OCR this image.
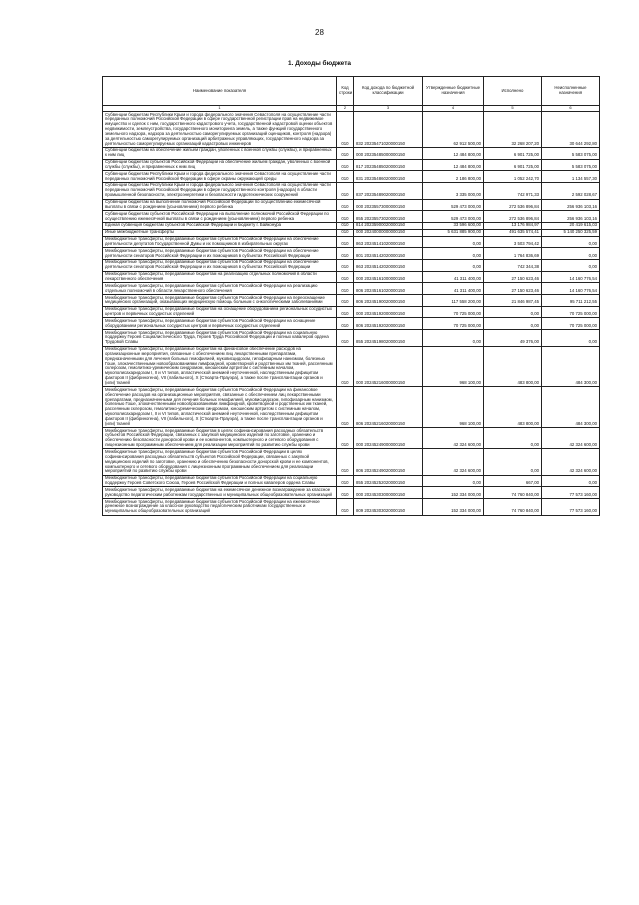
28
1. Доходы бюджета
Наименование показателя	Код строки	Код дохода по бюджетной классификации	Утвержденные бюджетные назначения	Исполнено	Неисполненные назначения
1	2	3	4	5	6
Субвенции бюджетам Республики Крым и города федерального значения Севастополя на осуществление части переданных полномочий Российской Федерации в сфере государственной регистрации прав на недвижимое имущество и сделок с ним, государственного кадастрового учета, государственной кадастровой оценки объектов недвижимости, землеустройства, государственного мониторинга земель, а также функций государственного земельного надзора, надзора за деятельностью саморегулируемых организаций оценщиков, контроля (надзора) за деятельностью саморегулируемых организаций арбитражных управляющих, государственного надзора за деятельностью саморегулируемых организаций кадастровых инженеров	010	832 20235471020000150	62 912 500,00	32 268 207,20	30 644 292,80
Субвенции бюджетам на обеспечение жильем граждан, уволенных с военной службы (службы), и приравненных к ним лиц	010	000 20235485000000150	12 484 800,00	6 901 725,00	5 583 075,00
Субвенции бюджетам субъектов Российской Федерации на обеспечение жильем граждан, уволенных с военной службы (службы), и приравненных к ним лиц	010	817 20235485020000150	12 484 800,00	6 901 725,00	5 583 075,00
Субвенции бюджетам Республики Крым и города федерального значения Севастополя на осуществление части переданных полномочий Российской Федерации в сфере охраны окружающей среды	010	831 20235486020000150	2 186 800,00	1 052 242,70	1 134 557,30
Субвенции бюджетам Республики Крым и города федерального значения Севастополя на осуществление части переданных полномочий Российской Федерации в сфере государственного контроля (надзора) в области промышленной безопасности, электроэнергетики и безопасности гидротехнических сооружений	010	837 20235489020000150	3 335 000,00	742 971,33	2 592 028,67
Субвенции бюджетам на выполнение полномочий Российской Федерации по осуществлению ежемесячной выплаты в связи с рождением (усыновлением) первого ребенка	010	000 20235573000000150	529 473 000,00	272 536 896,84	256 936 103,16
Субвенции бюджетам субъектов Российской Федерации на выполнение полномочий Российской Федерации по осуществлению ежемесячной выплаты в связи с рождением (усыновлением) первого ребенка	010	855 20235573020000150	529 473 000,00	272 536 896,84	256 936 103,16
Единая субвенция бюджетам субъектов Российской Федерации и бюджету г. Байконура	010	814 20235900020000150	33 596 600,00	13 176 984,97	20 419 615,03
Иные межбюджетные трансферты	010	000 20240000000000150	5 631 885 900,00	491 635 574,41	5 140 250 325,59
Межбюджетные трансферты, передаваемые бюджетам субъектов Российской Федерации на обеспечение деятельности депутатов Государственной Думы и их помощников в избирательных округах	010	863 20245141020000150	0,00	3 503 794,42	0,00
Межбюджетные трансферты, передаваемые бюджетам субъектов Российской Федерации на обеспечение деятельности сенаторов Российской Федерации и их помощников в субъектах Российской Федерации	010	801 20245142020000150	0,00	1 764 836,69	0,00
Межбюджетные трансферты, передаваемые бюджетам субъектов Российской Федерации на обеспечение деятельности сенаторов Российской Федерации и их помощников в субъектах Российской Федерации	010	863 20245142020000150	0,00	742 344,38	0,00
Межбюджетные трансферты, передаваемые бюджетам на реализацию отдельных полномочий в области лекарственного обеспечения	010	000 20245161000000150	41 311 400,00	27 150 623,46	14 160 776,54
Межбюджетные трансферты, передаваемые бюджетам субъектов Российской Федерации на реализацию отдельных полномочий в области лекарственного обеспечения	010	806 20245161020000150	41 311 400,00	27 150 623,46	14 160 776,54
Межбюджетные трансферты, передаваемые бюджетам субъектов Российской Федерации на переоснащение медицинских организаций, оказывающих медицинскую помощь больным с онкологическими заболеваниями	010	806 20245190020000150	117 558 200,00	21 846 987,45	95 711 212,55
Межбюджетные трансферты, передаваемые бюджетам на оснащение оборудованием региональных сосудистых центров и первичных сосудистых отделений	010	000 20245192000000150	70 725 000,00	0,00	70 725 000,00
Межбюджетные трансферты, передаваемые бюджетам субъектов Российской Федерации на оснащение оборудованием региональных сосудистых центров и первичных сосудистых отделений	010	806 20245192020000150	70 725 000,00	0,00	70 725 000,00
Межбюджетные трансферты, передаваемые бюджетам субъектов Российской Федерации на социальную поддержку Героев Социалистического Труда, Героев Труда Российской Федерации и полных кавалеров ордена Трудовой Славы	010	855 20245198020000150	0,00	49 376,00	0,00
Межбюджетные трансферты, передаваемые бюджетам на финансовое обеспечение расходов на организационные мероприятия, связанные с обеспечением лиц лекарственными препаратами, предназначенными для лечения больных гемофилией, муковисцидозом, гипофизарным нанизмом, болезнью Гоше, злокачественными новообразованиями лимфоидной, кроветворной и родственных им тканей, рассеянным склерозом, гемолитико-уремическим синдромом, юношеским артритом с системным началом, мукополисахаридозом I, II и VI типов, апластической анемией неуточненной, наследственным дефицитом факторов II (фибриногена), VII (лабильного), X (Стюарта-Прауэра), а также после трансплантации органов и (или) тканей	010	000 20245216000000150	968 100,00	483 800,00	484 300,00
Межбюджетные трансферты, передаваемые бюджетам субъектов Российской Федерации на финансовое обеспечение расходов на организационные мероприятия, связанные с обеспечением лиц лекарственными препаратами, предназначенными для лечения больных гемофилией, муковисцидозом, гипофизарным нанизмом, болезнью Гоше, злокачественными новообразованиями лимфоидной, кроветворной и родственных им тканей, рассеянным склерозом, гемолитико-уремическим синдромом, юношеским артритом с системным началом, мукополисахаридозом I, II и VI типов, апластической анемией неуточненной, наследственным дефицитом факторов II (фибриногена), VII (лабильного), X (Стюарта-Прауэра), а также после трансплантации органов и (или) тканей	010	806 20245216020000150	968 100,00	483 800,00	484 300,00
Межбюджетные трансферты, передаваемые бюджетам в целях софинансирования расходных обязательств субъектов Российской Федерации, связанных с закупкой медицинских изделий по заготовке, хранению и обеспечению безопасности донорской крови и ее компонентов, компьютерного и сетевого оборудования с лицензионным программным обеспечением для реализации мероприятий по развитию службы крови	010	000 20245249000000150	42 324 600,00	0,00	42 324 600,00
Межбюджетные трансферты, передаваемые бюджетам субъектов Российской Федерации в целях софинансирования расходных обязательств субъектов Российской Федерации, связанных с закупкой медицинских изделий по заготовке, хранению и обеспечению безопасности донорской крови и ее компонентов, компьютерного и сетевого оборудования с лицензионным программным обеспечением для реализации мероприятий по развитию службы крови	010	806 20245249020000150	42 324 600,00	0,00	42 324 600,00
Межбюджетные трансферты, передаваемые бюджетам субъектов Российской Федерации на социальную поддержку Героев Советского Союза, Героев Российской Федерации и полных кавалеров ордена Славы	010	855 20245252020000150	0,00	667,00	0,00
Межбюджетные трансферты, передаваемые бюджетам на ежемесячное денежное вознаграждение за классное руководство педагогическим работникам государственных и муниципальных общеобразовательных организаций	010	000 20245303000000150	152 334 000,00	74 760 840,00	77 573 160,00
Межбюджетные трансферты, передаваемые бюджетам субъектов Российской Федерации на ежемесячное денежное вознаграждение за классное руководство педагогическим работникам государственных и муниципальных общеобразовательных организаций	010	809 20245303020000150	152 334 000,00	74 760 840,00	77 573 160,00
